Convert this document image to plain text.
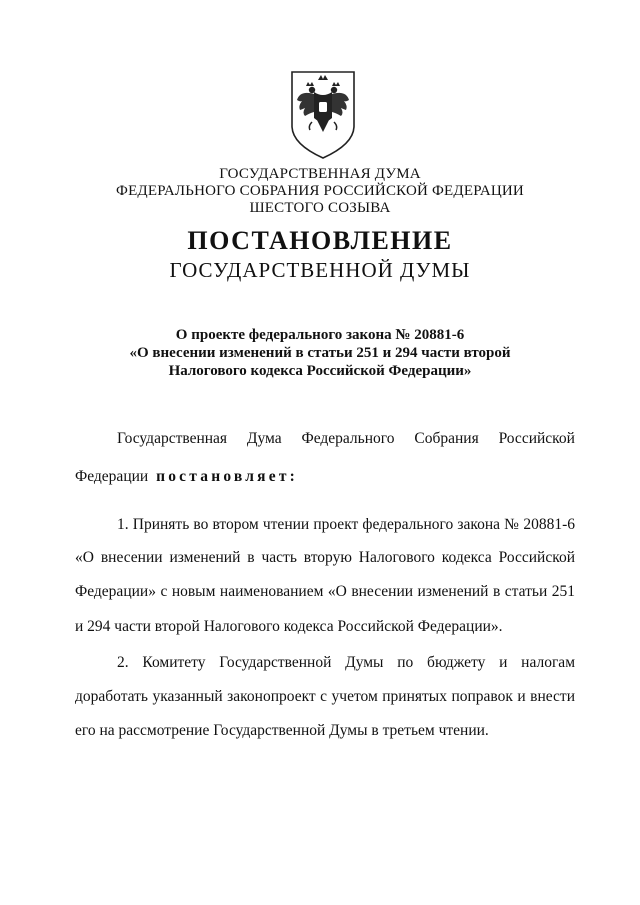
ГОСУДАРСТВЕННАЯ ДУМА
ФЕДЕРАЛЬНОГО СОБРАНИЯ РОССИЙСКОЙ ФЕДЕРАЦИИ
ШЕСТОГО СОЗЫВА
ПОСТАНОВЛЕНИЕ
ГОСУДАРСТВЕННОЙ ДУМЫ
О проекте федерального закона № 20881-6
«О внесении изменений в статьи 251 и 294 части второй
Налогового кодекса Российской Федерации»
Государственная Дума Федерального Собрания Российской
Федерации постановляет:
1. Принять во втором чтении проект федерального закона № 20881-6
«О внесении изменений в часть вторую Налогового кодекса Российской
Федерации» с новым наименованием «О внесении изменений в статьи 251
и 294 части второй Налогового кодекса Российской Федерации».
2. Комитету Государственной Думы по бюджету и налогам
доработать указанный законопроект с учетом принятых поправок и внести
его на рассмотрение Государственной Думы в третьем чтении.
